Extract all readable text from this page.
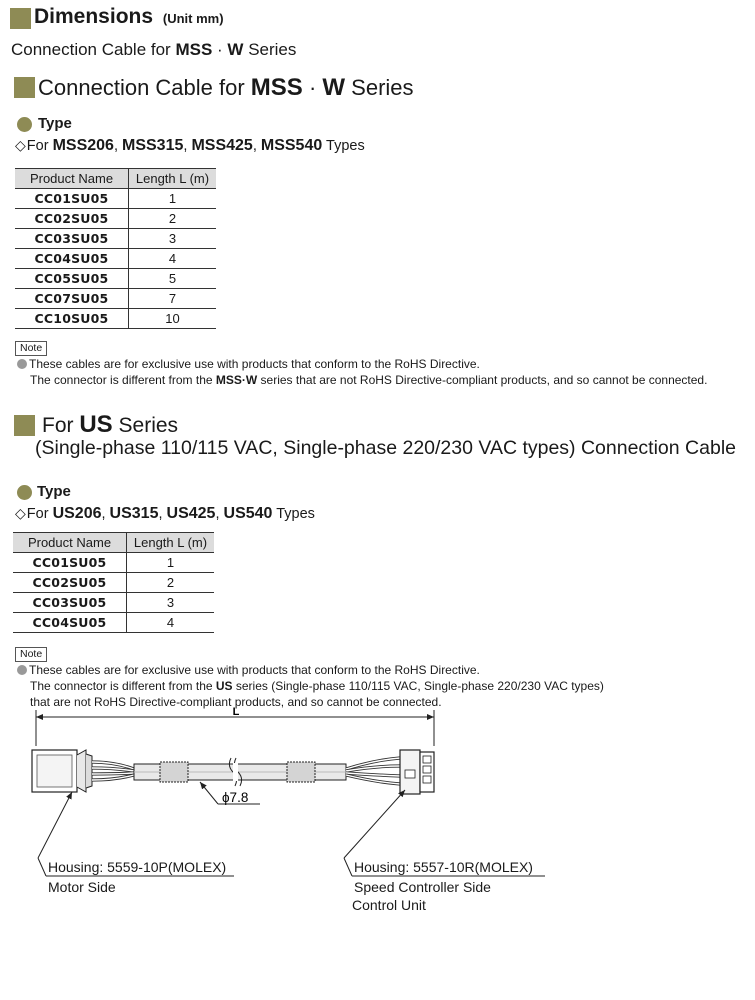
Dimensions (Unit mm)
Connection Cable for MSS · W Series
Connection Cable for MSS · W Series
Type
◇For MSS206, MSS315, MSS425, MSS540 Types
Product Name	Length L (m)
CC01SU05	1
CC02SU05	2
CC03SU05	3
CC04SU05	4
CC05SU05	5
CC07SU05	7
CC10SU05	10
Note
These cables are for exclusive use with products that conform to the RoHS Directive.
The connector is different from the MSS·W series that are not RoHS Directive-compliant products, and so cannot be connected.
For US Series
(Single-phase 110/115 VAC, Single-phase 220/230 VAC types) Connection Cable
Type
◇For US206, US315, US425, US540 Types
Product Name	Length L (m)
CC01SU05	1
CC02SU05	2
CC03SU05	3
CC04SU05	4
Note
These cables are for exclusive use with products that conform to the RoHS Directive.
The connector is different from the US series (Single-phase 110/115 VAC, Single-phase 220/230 VAC types)
that are not RoHS Directive-compliant products, and so cannot be connected.
L
ϕ7.8
Housing: 5559-10P(MOLEX)
Motor Side
Housing: 5557-10R(MOLEX)
Speed Controller Side
Control Unit
